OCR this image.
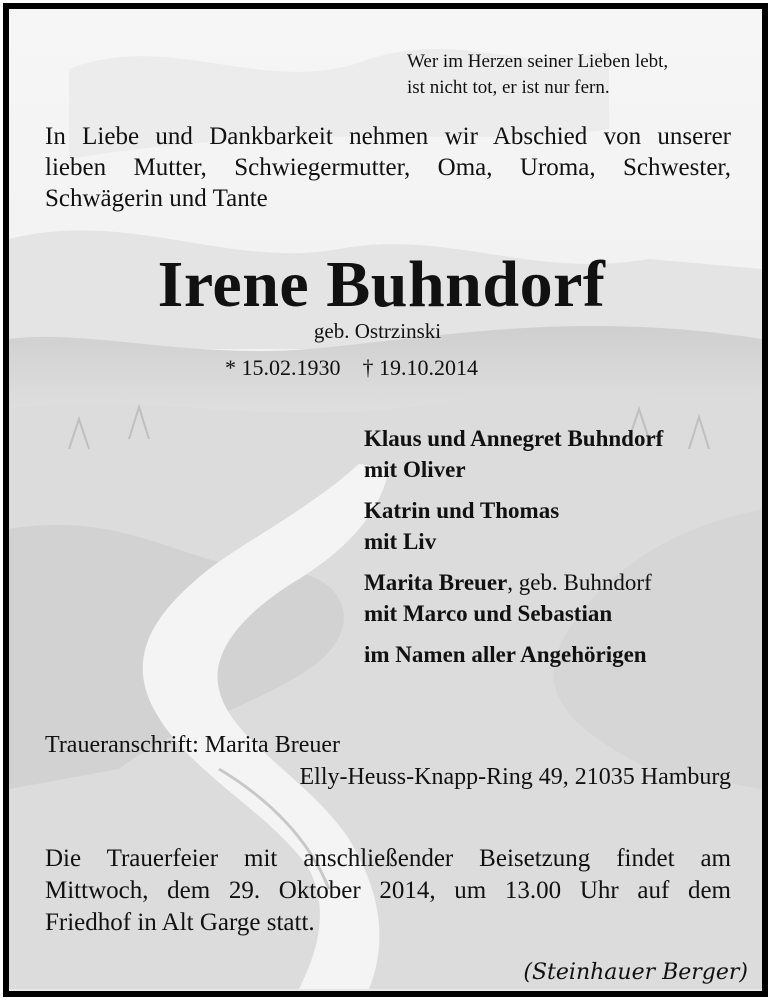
Wer im Herzen seiner Lieben lebt,
ist nicht tot, er ist nur fern.
In Liebe und Dankbarkeit nehmen wir Abschied von unserer
lieben Mutter, Schwiegermutter, Oma, Uroma, Schwester,
Schwägerin und Tante
Irene Buhndorf
geb. Ostrzinski
* 15.02.1930 † 19.10.2014
Klaus und Annegret Buhndorf
mit Oliver
Katrin und Thomas
mit Liv
Marita Breuer, geb. Buhndorf
mit Marco und Sebastian
im Namen aller Angehörigen
Traueranschrift: Marita Breuer
Elly-Heuss-Knapp-Ring 49, 21035 Hamburg
Die Trauerfeier mit anschließender Beisetzung findet am
Mittwoch, dem 29. Oktober 2014, um 13.00 Uhr auf dem
Friedhof in Alt Garge statt.
(Steinhauer Berger)
